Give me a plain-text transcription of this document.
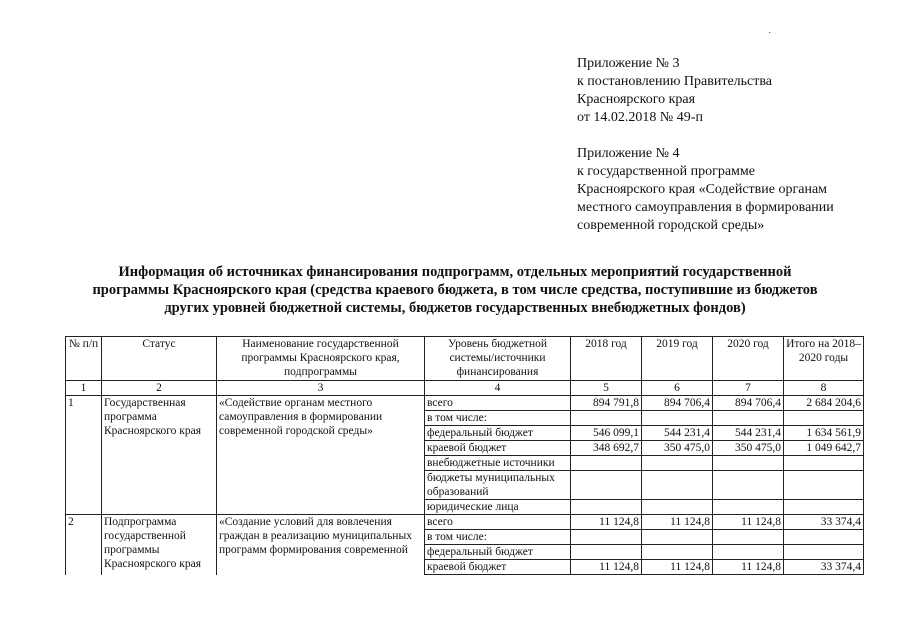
·
Приложение № 3
к постановлению Правительства
Красноярского края
от 14.02.2018 № 49-п
Приложение № 4
к государственной программе
Красноярского края «Содействие органам
местного самоуправления в формировании
современной городской среды»
Информация об источниках финансирования подпрограмм, отдельных мероприятий государственной
программы Красноярского края (средства краевого бюджета, в том числе средства, поступившие из бюджетов
других уровней бюджетной системы, бюджетов государственных внебюджетных фондов)
№ п/п	Статус	Наименование государственной программы Красноярского края, подпрограммы	Уровень бюджетной системы/источники финансирования	2018 год	2019 год	2020 год	Итого на 2018–2020 годы
1	2	3	4	5	6	7	8
1	Государственная программа Красноярского края	«Содействие органам местного самоуправления в формировании современной городской среды»	всего	894 791,8	894 706,4	894 706,4	2 684 204,6
			в том числе:				
			федеральный бюджет	546 099,1	544 231,4	544 231,4	1 634 561,9
			краевой бюджет	348 692,7	350 475,0	350 475,0	1 049 642,7
			внебюджетные источники				
			бюджеты муниципальных образований				
			юридические лица				
2	Подпрограмма государственной программы Красноярского края	«Создание условий для вовлечения граждан в реализацию муниципальных программ формирования современной	всего	11 124,8	11 124,8	11 124,8	33 374,4
			в том числе:				
			федеральный бюджет				
			краевой бюджет	11 124,8	11 124,8	11 124,8	33 374,4
